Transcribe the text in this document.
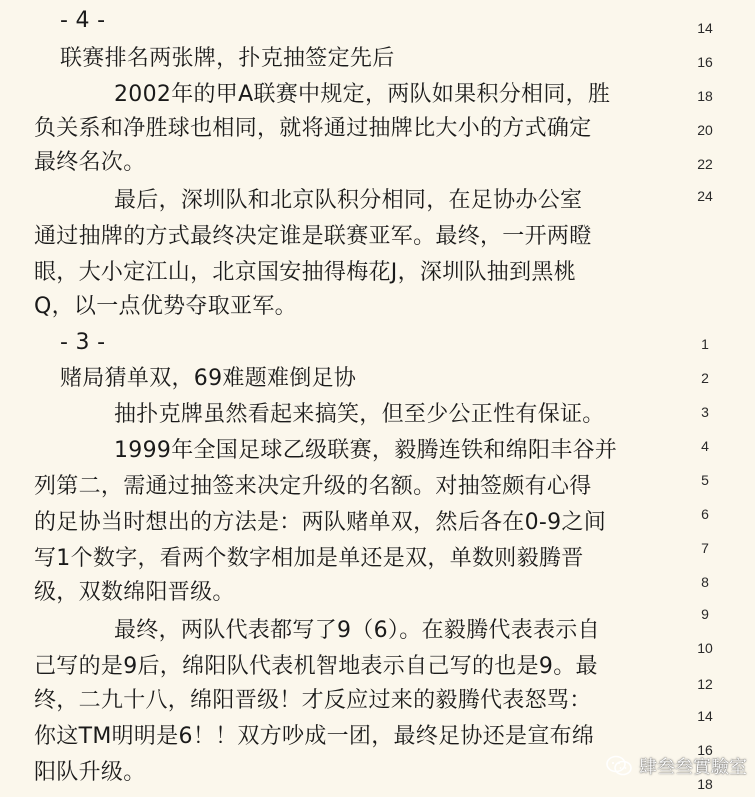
- 4 -
联赛排名两张牌，扑克抽签定先后
2002年的甲A联赛中规定，两队如果积分相同，胜
负关系和净胜球也相同，就将通过抽牌比大小的方式确定
最终名次。
最后，深圳队和北京队积分相同，在足协办公室
通过抽牌的方式最终决定谁是联赛亚军。最终，一开两瞪
眼，大小定江山，北京国安抽得梅花J，深圳队抽到黑桃
Q，以一点优势夺取亚军。
- 3 -
赌局猜单双，69难题难倒足协
抽扑克牌虽然看起来搞笑，但至少公正性有保证。
1999年全国足球乙级联赛，毅腾连铁和绵阳丰谷并
列第二，需通过抽签来决定升级的名额。对抽签颇有心得
的足协当时想出的方法是：两队赌单双，然后各在0-9之间
写1个数字，看两个数字相加是单还是双，单数则毅腾晋
级，双数绵阳晋级。
最终，两队代表都写了9（6）。在毅腾代表表示自
己写的是9后，绵阳队代表机智地表示自己写的也是9。最
终，二九十八，绵阳晋级！才反应过来的毅腾代表怒骂：
你这TM明明是6！！双方吵成一团，最终足协还是宣布绵
阳队升级。
14
16
18
20
22
24
1
2
3
4
5
6
7
8
9
10
12
14
16
18
肆叁叁實驗室
